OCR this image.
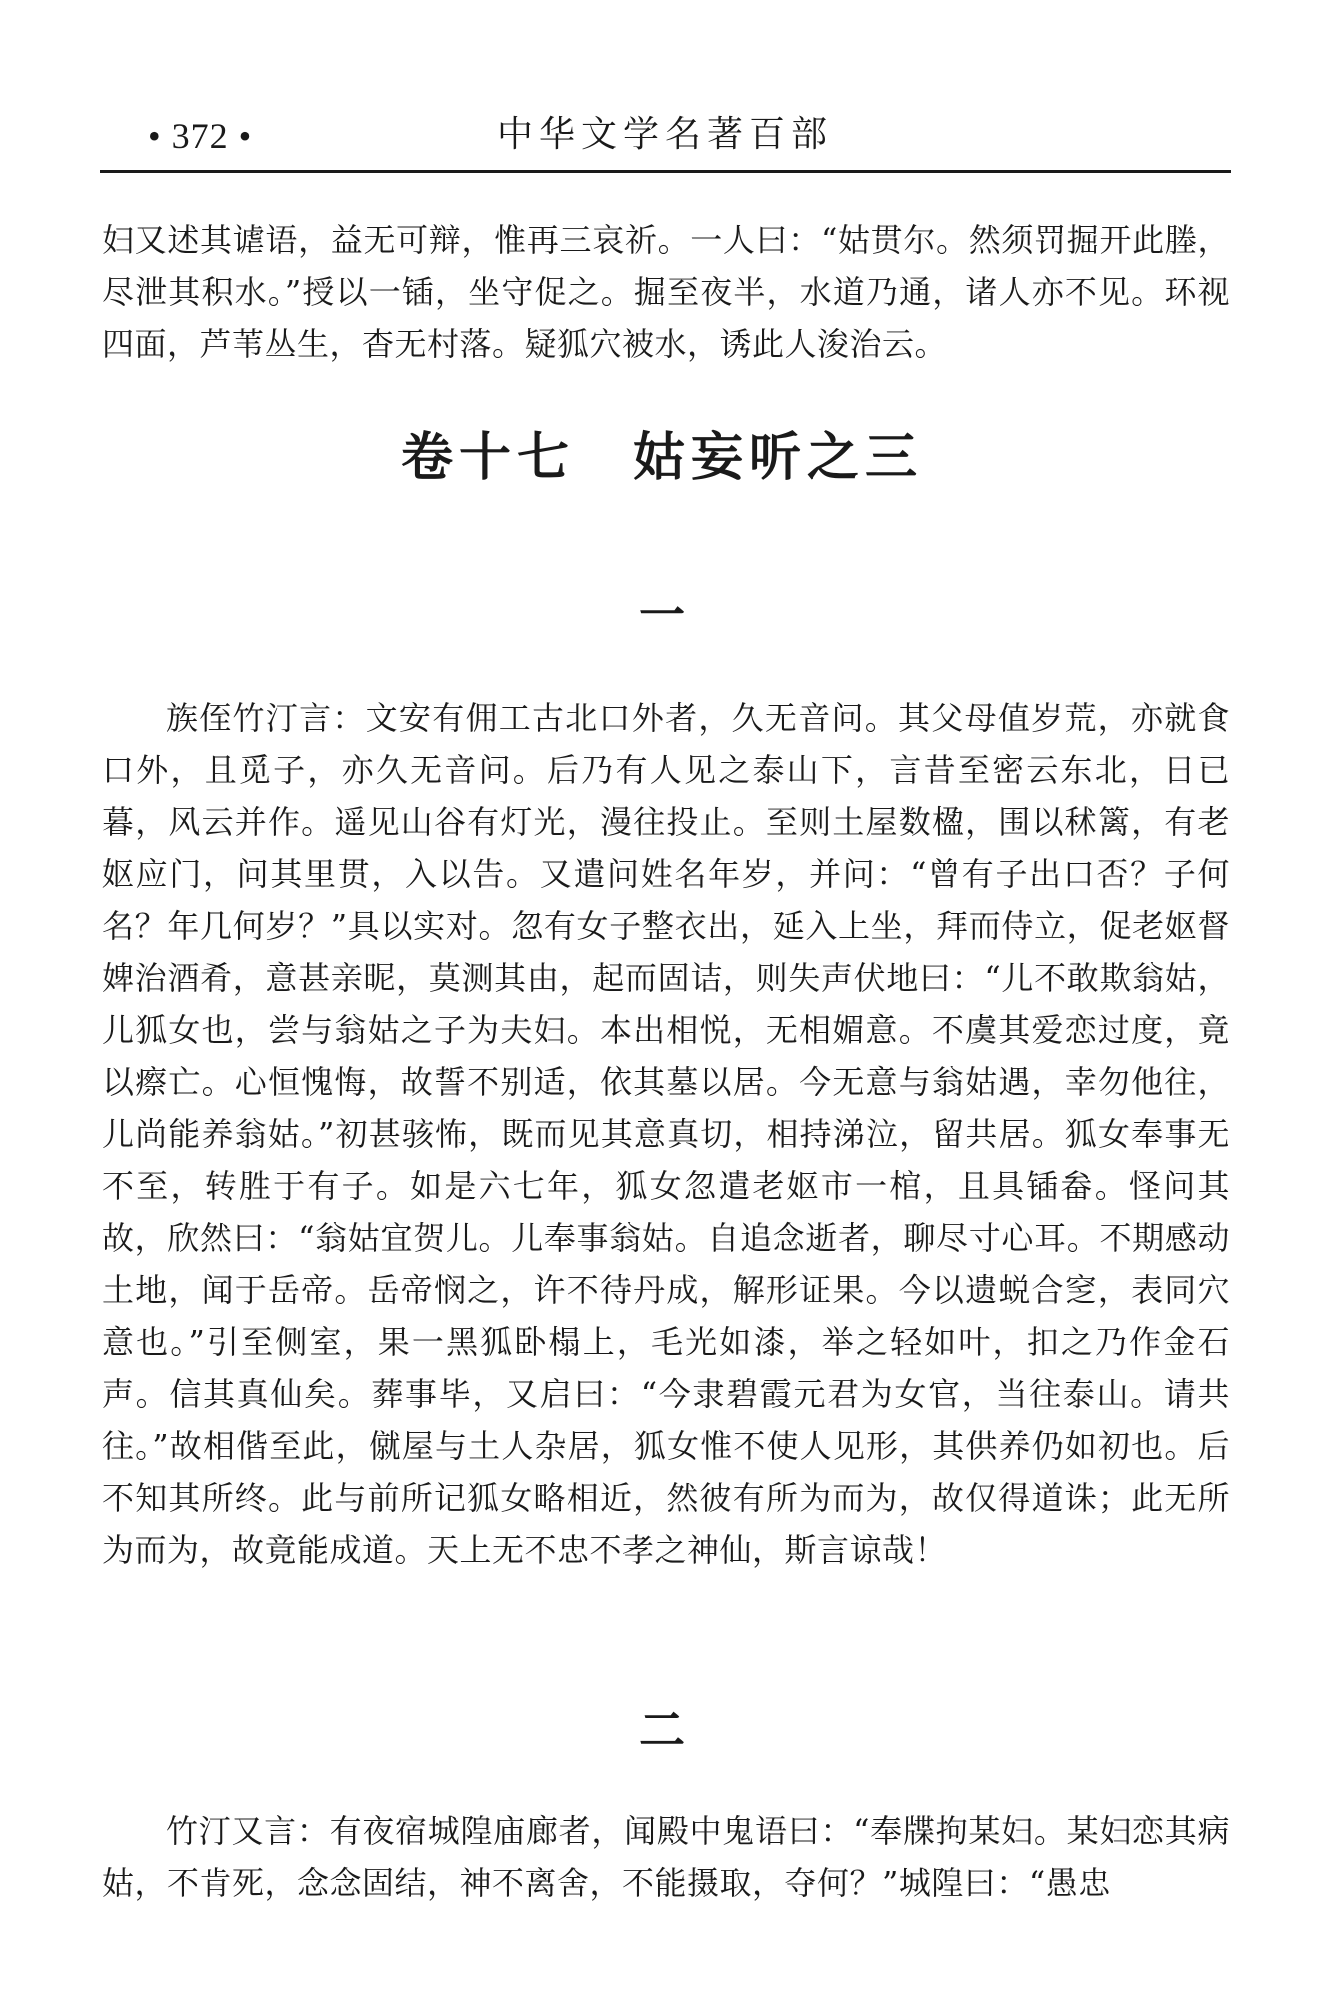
• 372 •	中华文学名著百部

妇又述其谑语，益无可辩，惟再三哀祈。一人曰：“姑贯尔。然须罚掘开此塍，尽泄其积水。”授以一锸，坐守促之。掘至夜半，水道乃通，诸人亦不见。环视四面，芦苇丛生，杳无村落。疑狐穴被水，诱此人浚治云。

卷十七　姑妄听之三
一

族侄竹汀言：文安有佣工古北口外者，久无音问。其父母值岁荒，亦就食口外，且觅子，亦久无音问。后乃有人见之泰山下，言昔至密云东北，日已暮，风云并作。遥见山谷有灯光，漫往投止。至则土屋数楹，围以秫篱，有老妪应门，问其里贯，入以告。又遣问姓名年岁，并问：“曾有子出口否？子何名？年几何岁？”具以实对。忽有女子整衣出，延入上坐，拜而侍立，促老妪督婢治酒肴，意甚亲昵，莫测其由，起而固诘，则失声伏地曰：“儿不敢欺翁姑，儿狐女也，尝与翁姑之子为夫妇。本出相悦，无相媚意。不虞其爱恋过度，竟以瘵亡。心恒愧悔，故誓不别适，依其墓以居。今无意与翁姑遇，幸勿他往，儿尚能养翁姑。”初甚骇怖，既而见其意真切，相持涕泣，留共居。狐女奉事无不至，转胜于有子。如是六七年，狐女忽遣老妪市一棺，且具锸畚。怪问其故，欣然曰：“翁姑宜贺儿。儿奉事翁姑。自追念逝者，聊尽寸心耳。不期感动土地，闻于岳帝。岳帝悯之，许不待丹成，解形证果。今以遗蜕合窆，表同穴意也。”引至侧室，果一黑狐卧榻上，毛光如漆，举之轻如叶，扣之乃作金石声。信其真仙矣。葬事毕，又启曰：“今隶碧霞元君为女官，当往泰山。请共往。”故相偕至此，僦屋与土人杂居，狐女惟不使人见形，其供养仍如初也。后不知其所终。此与前所记狐女略相近，然彼有所为而为，故仅得道诛；此无所为而为，故竟能成道。天上无不忠不孝之神仙，斯言谅哉！

二

竹汀又言：有夜宿城隍庙廊者，闻殿中鬼语曰：“奉牒拘某妇。某妇恋其病姑，不肯死，念念固结，神不离舍，不能摄取，夺何？”城隍曰：“愚忠
